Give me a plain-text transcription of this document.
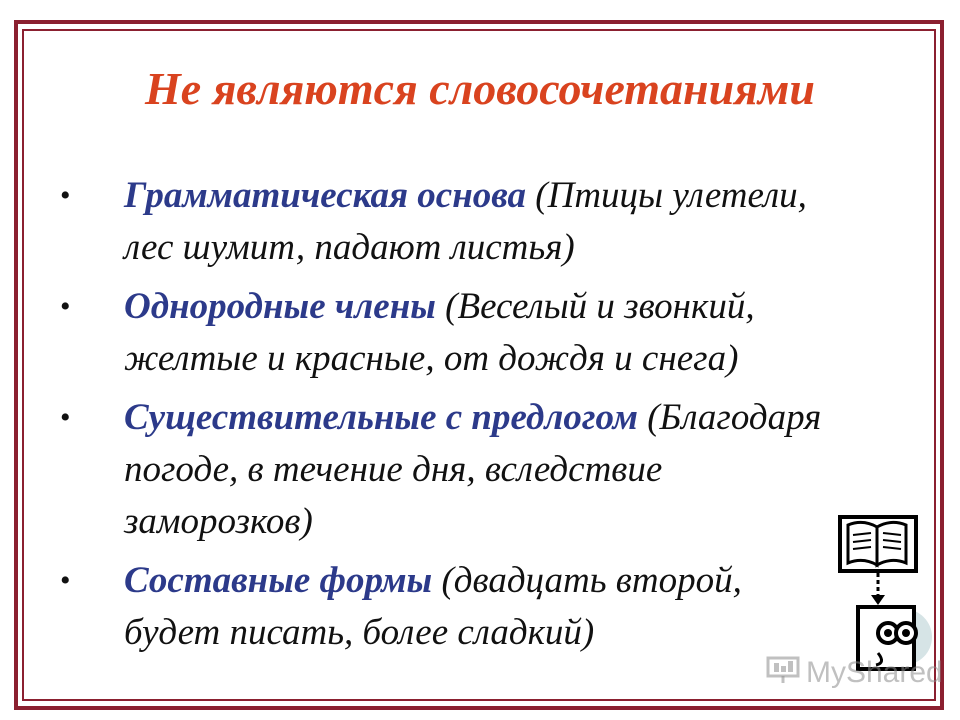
Не являются словосочетаниями
• Грамматическая основа (Птицы улетели, лес шумит, падают листья)
• Однородные члены (Веселый и звонкий, желтые и красные, от дождя и снега)
• Существительные с предлогом (Благодаря погоде, в течение дня, вследствие заморозков)
• Составные формы (двадцать второй, будет писать, более сладкий)
MyShared
